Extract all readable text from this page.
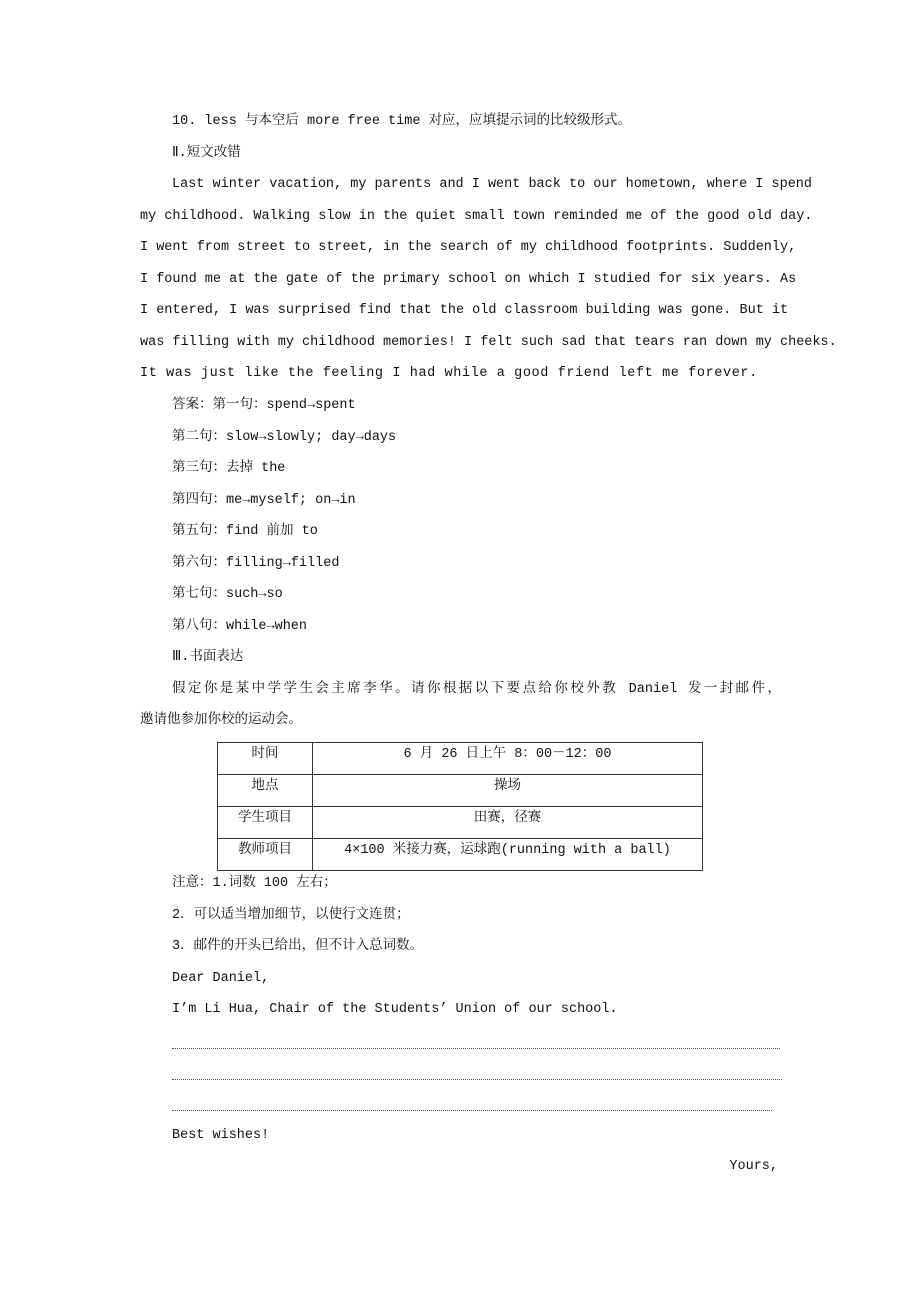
10. less 与本空后 more free time 对应，应填提示词的比较级形式。
Ⅱ.短文改错
Last winter vacation, my parents and I went back to our hometown, where I spend
my childhood. Walking slow in the quiet small town reminded me of the good old day.
I went from street to street, in the search of my childhood footprints. Suddenly,
I found me at the gate of the primary school on which I studied for six years. As
I entered, I was surprised find that the old classroom building was gone. But it
was filling with my childhood memories! I felt such sad that tears ran down my cheeks.
It was just like the feeling I had while a good friend left me forever.
答案：第一句：spend→spent
第二句：slow→slowly; day→days
第三句：去掉 the
第四句：me→myself; on→in
第五句：find 前加 to
第六句：filling→filled
第七句：such→so
第八句：while→when
Ⅲ.书面表达
假定你是某中学学生会主席李华。请你根据以下要点给你校外教 Daniel 发一封邮件，
邀请他参加你校的运动会。
时间	6 月 26 日上午 8：00－12：00
地点	操场
学生项目	田赛，径赛
教师项目	4×100 米接力赛，运球跑(running with a ball)
注意：1.词数 100 左右；
2．可以适当增加细节，以使行文连贯；
3．邮件的开头已给出，但不计入总词数。
Dear Daniel,
I’m Li Hua, Chair of the Students’ Union of our school.
Best wishes!
Yours,
